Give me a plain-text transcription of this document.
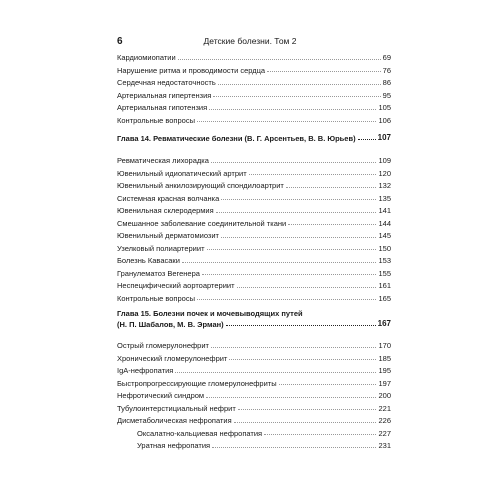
6	Детские болезни. Том 2
Кардиомиопатии	69
Нарушение ритма и проводимости сердца	76
Сердечная недостаточность	86
Артериальная гипертензия	95
Артериальная гипотензия	105
Контрольные вопросы	106
Глава 14. Ревматические болезни (В. Г. Арсентьев, В. В. Юрьев)	107
Ревматическая лихорадка	109
Ювенильный идиопатический артрит	120
Ювенильный анкилозирующий спондилоартрит	132
Системная красная волчанка	135
Ювенильная склеродермия	141
Смешанное заболевание соединительной ткани	144
Ювенильный дерматомиозит	145
Узелковый полиартериит	150
Болезнь Кавасаки	153
Гранулематоз Вегенера	155
Неспецифический аортоартериит	161
Контрольные вопросы	165
Глава 15. Болезни почек и мочевыводящих путей
(Н. П. Шабалов, М. В. Эрман)	167
Острый гломерулонефрит	170
Хронический гломерулонефрит	185
IgA-нефропатия	195
Быстропрогрессирующие гломерулонефриты	197
Нефротический синдром	200
Тубулоинтерстициальный нефрит	221
Дисметаболическая нефропатия	226
Оксалатно-кальциевая нефропатия	227
Уратная нефропатия	231
